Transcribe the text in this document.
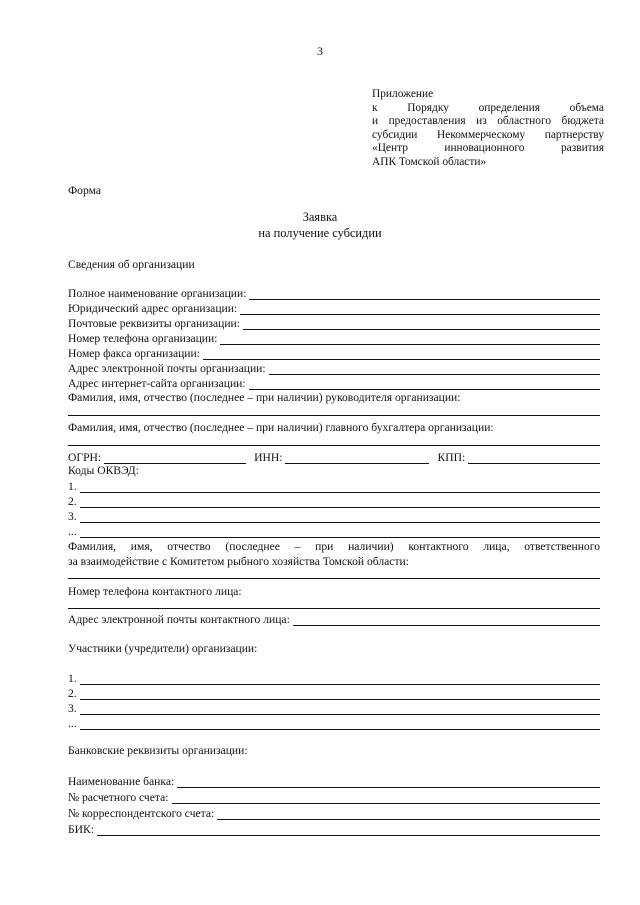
3
Приложение
к Порядку определения объема
и предоставления из областного бюджета
субсидии Некоммерческому партнерству
«Центр инновационного развития
АПК Томской области»
Форма
Заявка
на получение субсидии
Сведения об организации
Полное наименование организации:
Юридический адрес организации:
Почтовые реквизиты организации:
Номер телефона организации:
Номер факса организации:
Адрес электронной почты организации:
Адрес интернет-сайта организации:
Фамилия, имя, отчество (последнее – при наличии) руководителя организации:
Фамилия, имя, отчество (последнее – при наличии) главного бухгалтера организации:
ОГРН:	ИНН:	КПП:
Коды ОКВЭД:
1.
2.
3.
...
Фамилия, имя, отчество (последнее – при наличии) контактного лица, ответственного
за взаимодействие с Комитетом рыбного хозяйства Томской области:
Номер телефона контактного лица:
Адрес электронной почты контактного лица:
Участники (учредители) организации:
1.
2.
3.
...
Банковские реквизиты организации:
Наименование банка:
№ расчетного счета:
№ корреспондентского счета:
БИК:
